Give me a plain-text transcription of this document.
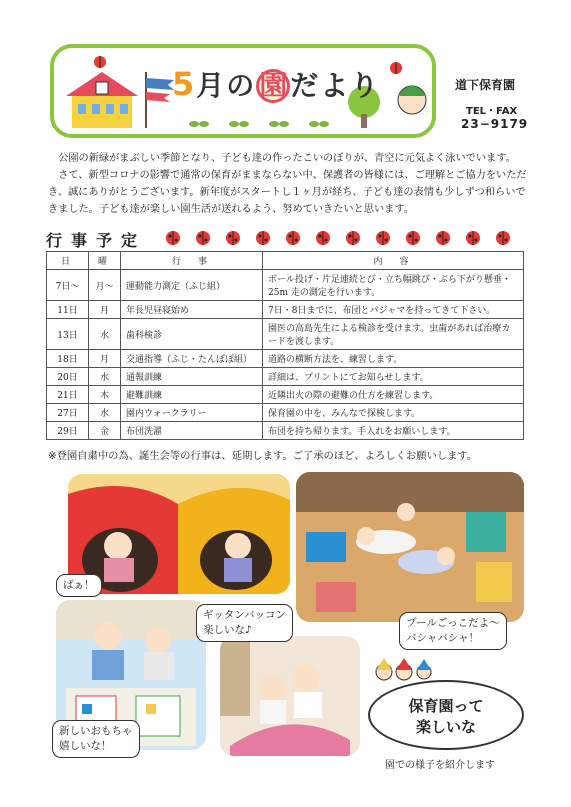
5月の 園だより	道下保育園
TEL・FAX
23−9179

公園の新緑がまぶしい季節となり、子ども達の作ったこいのぼりが、青空に元気よく泳いでいます。

さて、新型コロナの影響で通常の保育がままならない中、保護者の皆様には、ご理解とご協力をいただき、誠にありがとうございます。新年度がスタートし１ヶ月が経ち、子ども達の表情も少しずつ和らいできました。子ども達が楽しい園生活が送れるよう、努めていきたいと思います。

行事予定
日	曜	行　事	内　容
7日〜	月〜	運動能力測定（ふじ組）	ボール投げ・片足連続とび・立ち幅跳び・ぶら下がり懸垂・25m 走の測定を行います。
11日	月	年長児昼寝始め	7日・8日までに、布団とパジャマを持ってきて下さい。
13日	水	歯科検診	園医の高島先生による検診を受けます。虫歯があれば治療カードを渡します。
18日	月	交通指導（ふじ・たんぽぽ組）	道路の横断方法を、練習します。
20日	水	通報訓練	詳細は、プリントにてお知らせします。
21日	木	避難訓練	近隣出火の際の避難の仕方を練習します。
27日	水	園内ウォークラリー	保育園の中を、みんなで探検します。
29日	金	布団洗濯	布団を持ち帰ります。手入れをお願いします。
※登園自粛中の為、誕生会等の行事は、延期します。ご了承のほど、よろしくお願いします。
ばぁ！
プールごっこだよ〜
バシャバシャ！
新しいおもちゃ
嬉しいな！
ギッタンバッコン
楽しいな♪
保育園って
楽しいな
園での様子を紹介します
